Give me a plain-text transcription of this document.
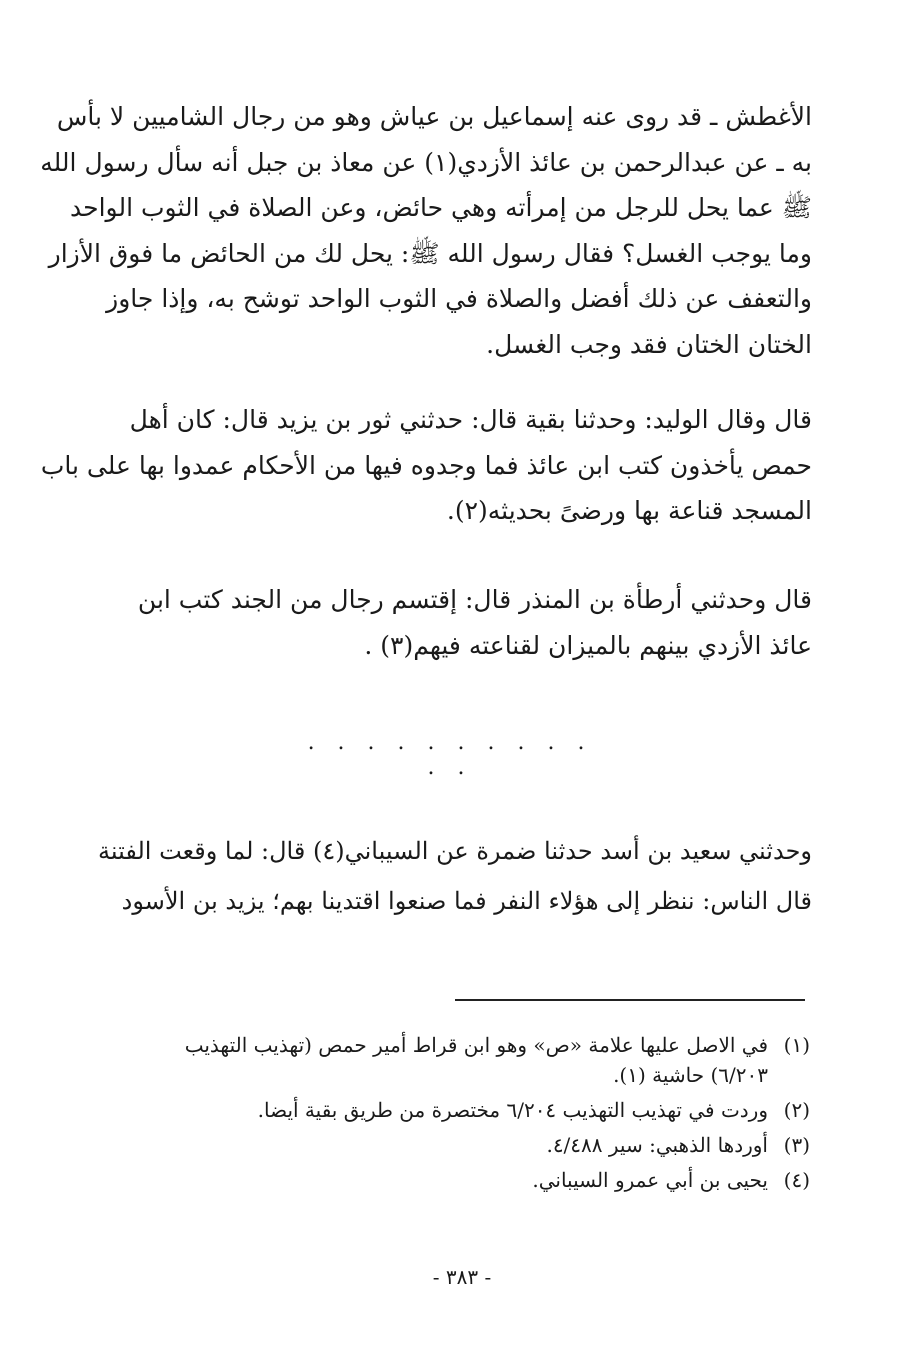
الأغطش ـ قد روى عنه إسماعيل بن عياش وهو من رجال الشاميين لا بأس
به ـ عن عبدالرحمن بن عائذ الأزدي(١) عن معاذ بن جبل أنه سأل رسول الله
ﷺ عما يحل للرجل من إمرأته وهي حائض، وعن الصلاة في الثوب الواحد
وما يوجب الغسل؟ فقال رسول الله ﷺ: يحل لك من الحائض ما فوق الأزار
والتعفف عن ذلك أفضل والصلاة في الثوب الواحد توشح به، وإذا جاوز
الختان الختان فقد وجب الغسل.

قال وقال الوليد: وحدثنا بقية قال: حدثني ثور بن يزيد قال: كان أهل
حمص يأخذون كتب ابن عائذ فما وجدوه فيها من الأحكام عمدوا بها على باب
المسجد قناعة بها ورضىً بحديثه(٢).

قال وحدثني أرطأة بن المنذر قال: إقتسم رجال من الجند كتب ابن
عائذ الأزدي بينهم بالميزان لقناعته فيهم(٣) .

. . . . . . . . . . . .

وحدثني سعيد بن أسد حدثنا ضمرة عن السيباني(٤) قال: لما وقعت الفتنة
قال الناس: ننظر إلى هؤلاء النفر فما صنعوا اقتدينا بهم؛ يزيد بن الأسود

(١)
في الاصل عليها علامة «ص» وهو ابن قراط أمير حمص (تهذيب التهذيب
٦/٢٠٣) حاشية (١).
(٢)
وردت في تهذيب التهذيب ٦/٢٠٤ مختصرة من طريق بقية أيضا.
(٣)
أوردها الذهبي: سير ٤/٤٨٨.
(٤)
يحيى بن أبي عمرو السيباني.
- ٣٨٣ -
